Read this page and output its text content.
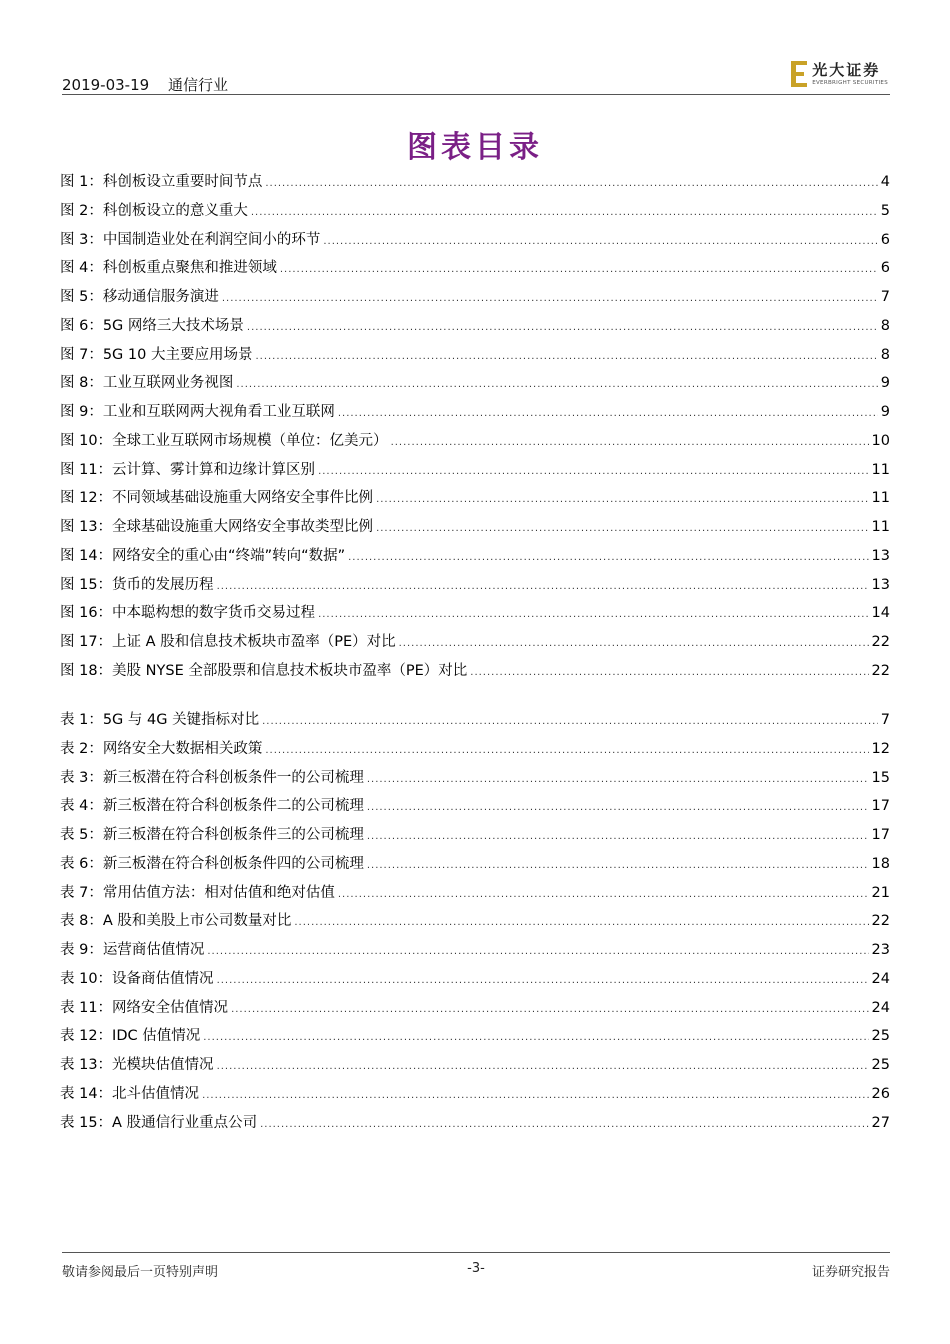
2019-03-19 通信行业
光大证券
EVERBRIGHT SECURITIES
图表目录
图 1：科创板设立重要时间节点 .....	4
图 2：科创板设立的意义重大 .....	5
图 3：中国制造业处在利润空间小的环节 .....	6
图 4：科创板重点聚焦和推进领域 .....	6
图 5：移动通信服务演进 .....	7
图 6：5G 网络三大技术场景 .....	8
图 7：5G 10 大主要应用场景 .....	8
图 8：工业互联网业务视图 .....	9
图 9：工业和互联网两大视角看工业互联网 .....	9
图 10：全球工业互联网市场规模（单位：亿美元） .....	10
图 11：云计算、雾计算和边缘计算区别 .....	11
图 12：不同领域基础设施重大网络安全事件比例 .....	11
图 13：全球基础设施重大网络安全事故类型比例 .....	11
图 14：网络安全的重心由“终端”转向“数据” .....	13
图 15：货币的发展历程 .....	13
图 16：中本聪构想的数字货币交易过程 .....	14
图 17：上证 A 股和信息技术板块市盈率（PE）对比 .....	22
图 18：美股 NYSE 全部股票和信息技术板块市盈率（PE）对比 .....	22
表 1：5G 与 4G 关键指标对比 .....	7
表 2：网络安全大数据相关政策 .....	12
表 3：新三板潜在符合科创板条件一的公司梳理 .....	15
表 4：新三板潜在符合科创板条件二的公司梳理 .....	17
表 5：新三板潜在符合科创板条件三的公司梳理 .....	17
表 6：新三板潜在符合科创板条件四的公司梳理 .....	18
表 7：常用估值方法：相对估值和绝对估值 .....	21
表 8：A 股和美股上市公司数量对比 .....	22
表 9：运营商估值情况 .....	23
表 10：设备商估值情况 .....	24
表 11：网络安全估值情况 .....	24
表 12：IDC 估值情况 .....	25
表 13：光模块估值情况 .....	25
表 14：北斗估值情况 .....	26
表 15：A 股通信行业重点公司 .....	27
敬请参阅最后一页特别声明	-3-	证券研究报告
